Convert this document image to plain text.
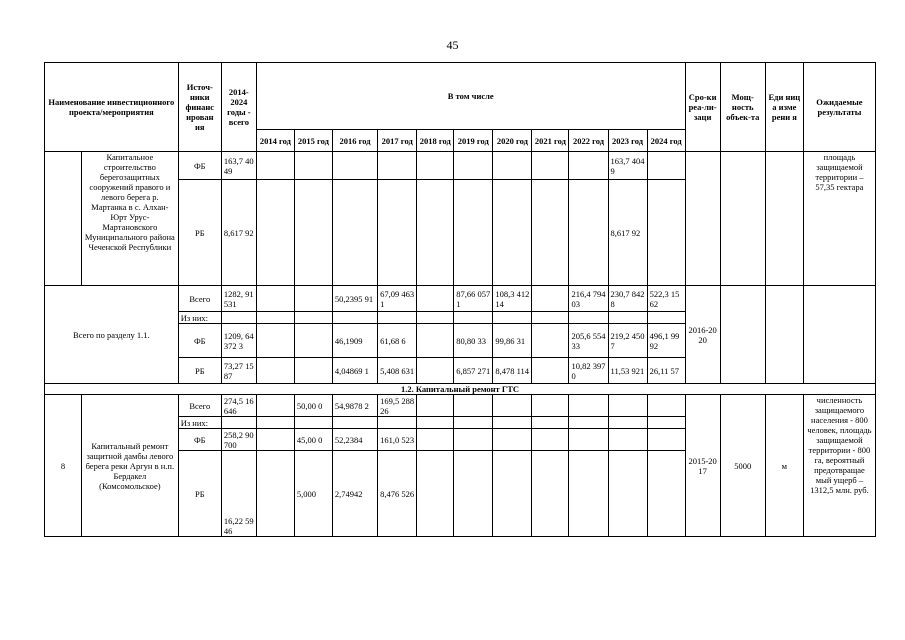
45
Наименование инвестиционного проекта/мероприятия		Источ-ники финанс ирован ия	2014-2024 годы - всего	В том числе											Сро-ки реа-ли-заци	Мощ-ность объек-та	Еди ниц а изме рени я	Ожидаемые результаты
				2014 год	2015 год	2016 год	2017 год	2018 год	2019 год	2020 год	2021 год	2022 год	2023 год	2024 год				
	Капитальное строительство берегозащитных сооружений правого и левого берега р. Мартанка в с. Алхан-Юрт Урус-Мартановского Муниципального района Чеченской Республики	ФБ	163,7 4049										163,7 4049					площадь защищаемой территории – 57,35 гектара
		РБ	8,617 92										8,617 92					
Всего по разделу 1.1.		Всего	1282, 91531			50,2395 91	67,09 4631		87,66 0571	108,3 41214		216,4 79403	230,7 8428	522,3 1562	2016-2020			
		Из них:																
		ФБ	1209, 64372 3			46,1909	61,68 6		80,80 33	99,86 31		205,6 55433	219,2 4507	496,1 9992				
		РБ	73,27 1587			4,04869 1	5,408 631		6,857 271	8,478 114		10,82 3970	11,53 921	26,11 57				
1.2. Капитальный ремонт ГТС																		
8	Капитальный ремонт защитной дамбы левого берега реки Аргун в н.п. Бердакел (Комсомольское)	Всего	274,5 16646		50,00 0	54,9878 2	169,5 28826								2015-2017	5000	м	численность защищаемого населения - 800 человек, площадь защищаемой территории - 800 га, вероятный предотвращае мый ущерб – 1312,5 млн. руб.
		Из них:																
		ФБ	258,2 90700		45,00 0	52,2384	161,0 523											
		РБ	16,22 5946		5,000	2,74942	8,476 526											
